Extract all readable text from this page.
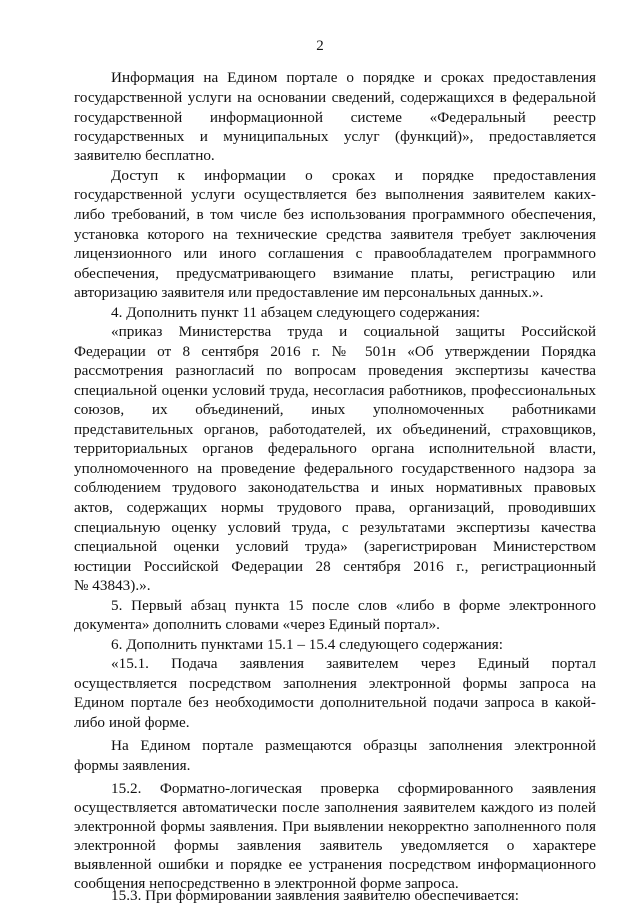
2
Информация на Едином портале о порядке и сроках предоставления
государственной услуги на основании сведений, содержащихся в федеральной
государственной информационной системе «Федеральный реестр
государственных и муниципальных услуг (функций)», предоставляется
заявителю бесплатно.
Доступ к информации о сроках и порядке предоставления
государственной услуги осуществляется без выполнения заявителем каких-
либо требований, в том числе без использования программного обеспечения,
установка которого на технические средства заявителя требует заключения
лицензионного или иного соглашения с правообладателем программного
обеспечения, предусматривающего взимание платы, регистрацию или
авторизацию заявителя или предоставление им персональных данных.».
4. Дополнить пункт 11 абзацем следующего содержания:
«приказ Министерства труда и социальной защиты Российской
Федерации от 8 сентября 2016 г. № 501н «Об утверждении Порядка
рассмотрения разногласий по вопросам проведения экспертизы качества
специальной оценки условий труда, несогласия работников, профессиональных
союзов, их объединений, иных уполномоченных работниками
представительных органов, работодателей, их объединений, страховщиков,
территориальных органов федерального органа исполнительной власти,
уполномоченного на проведение федерального государственного надзора за
соблюдением трудового законодательства и иных нормативных правовых
актов, содержащих нормы трудового права, организаций, проводивших
специальную оценку условий труда, с результатами экспертизы качества
специальной оценки условий труда» (зарегистрирован Министерством
юстиции Российской Федерации 28 сентября 2016 г., регистрационный
№ 43843).».
5. Первый абзац пункта 15 после слов «либо в форме электронного
документа» дополнить словами «через Единый портал».
6. Дополнить пунктами 15.1 – 15.4 следующего содержания:
«15.1. Подача заявления заявителем через Единый портал
осуществляется посредством заполнения электронной формы запроса на
Едином портале без необходимости дополнительной подачи запроса в какой-
либо иной форме.
На Едином портале размещаются образцы заполнения электронной
формы заявления.
15.2. Форматно-логическая проверка сформированного заявления
осуществляется автоматически после заполнения заявителем каждого из полей
электронной формы заявления. При выявлении некорректно заполненного поля
электронной формы заявления заявитель уведомляется о характере
выявленной ошибки и порядке ее устранения посредством информационного
сообщения непосредственно в электронной форме запроса.
15.3. При формировании заявления заявителю обеспечивается:
